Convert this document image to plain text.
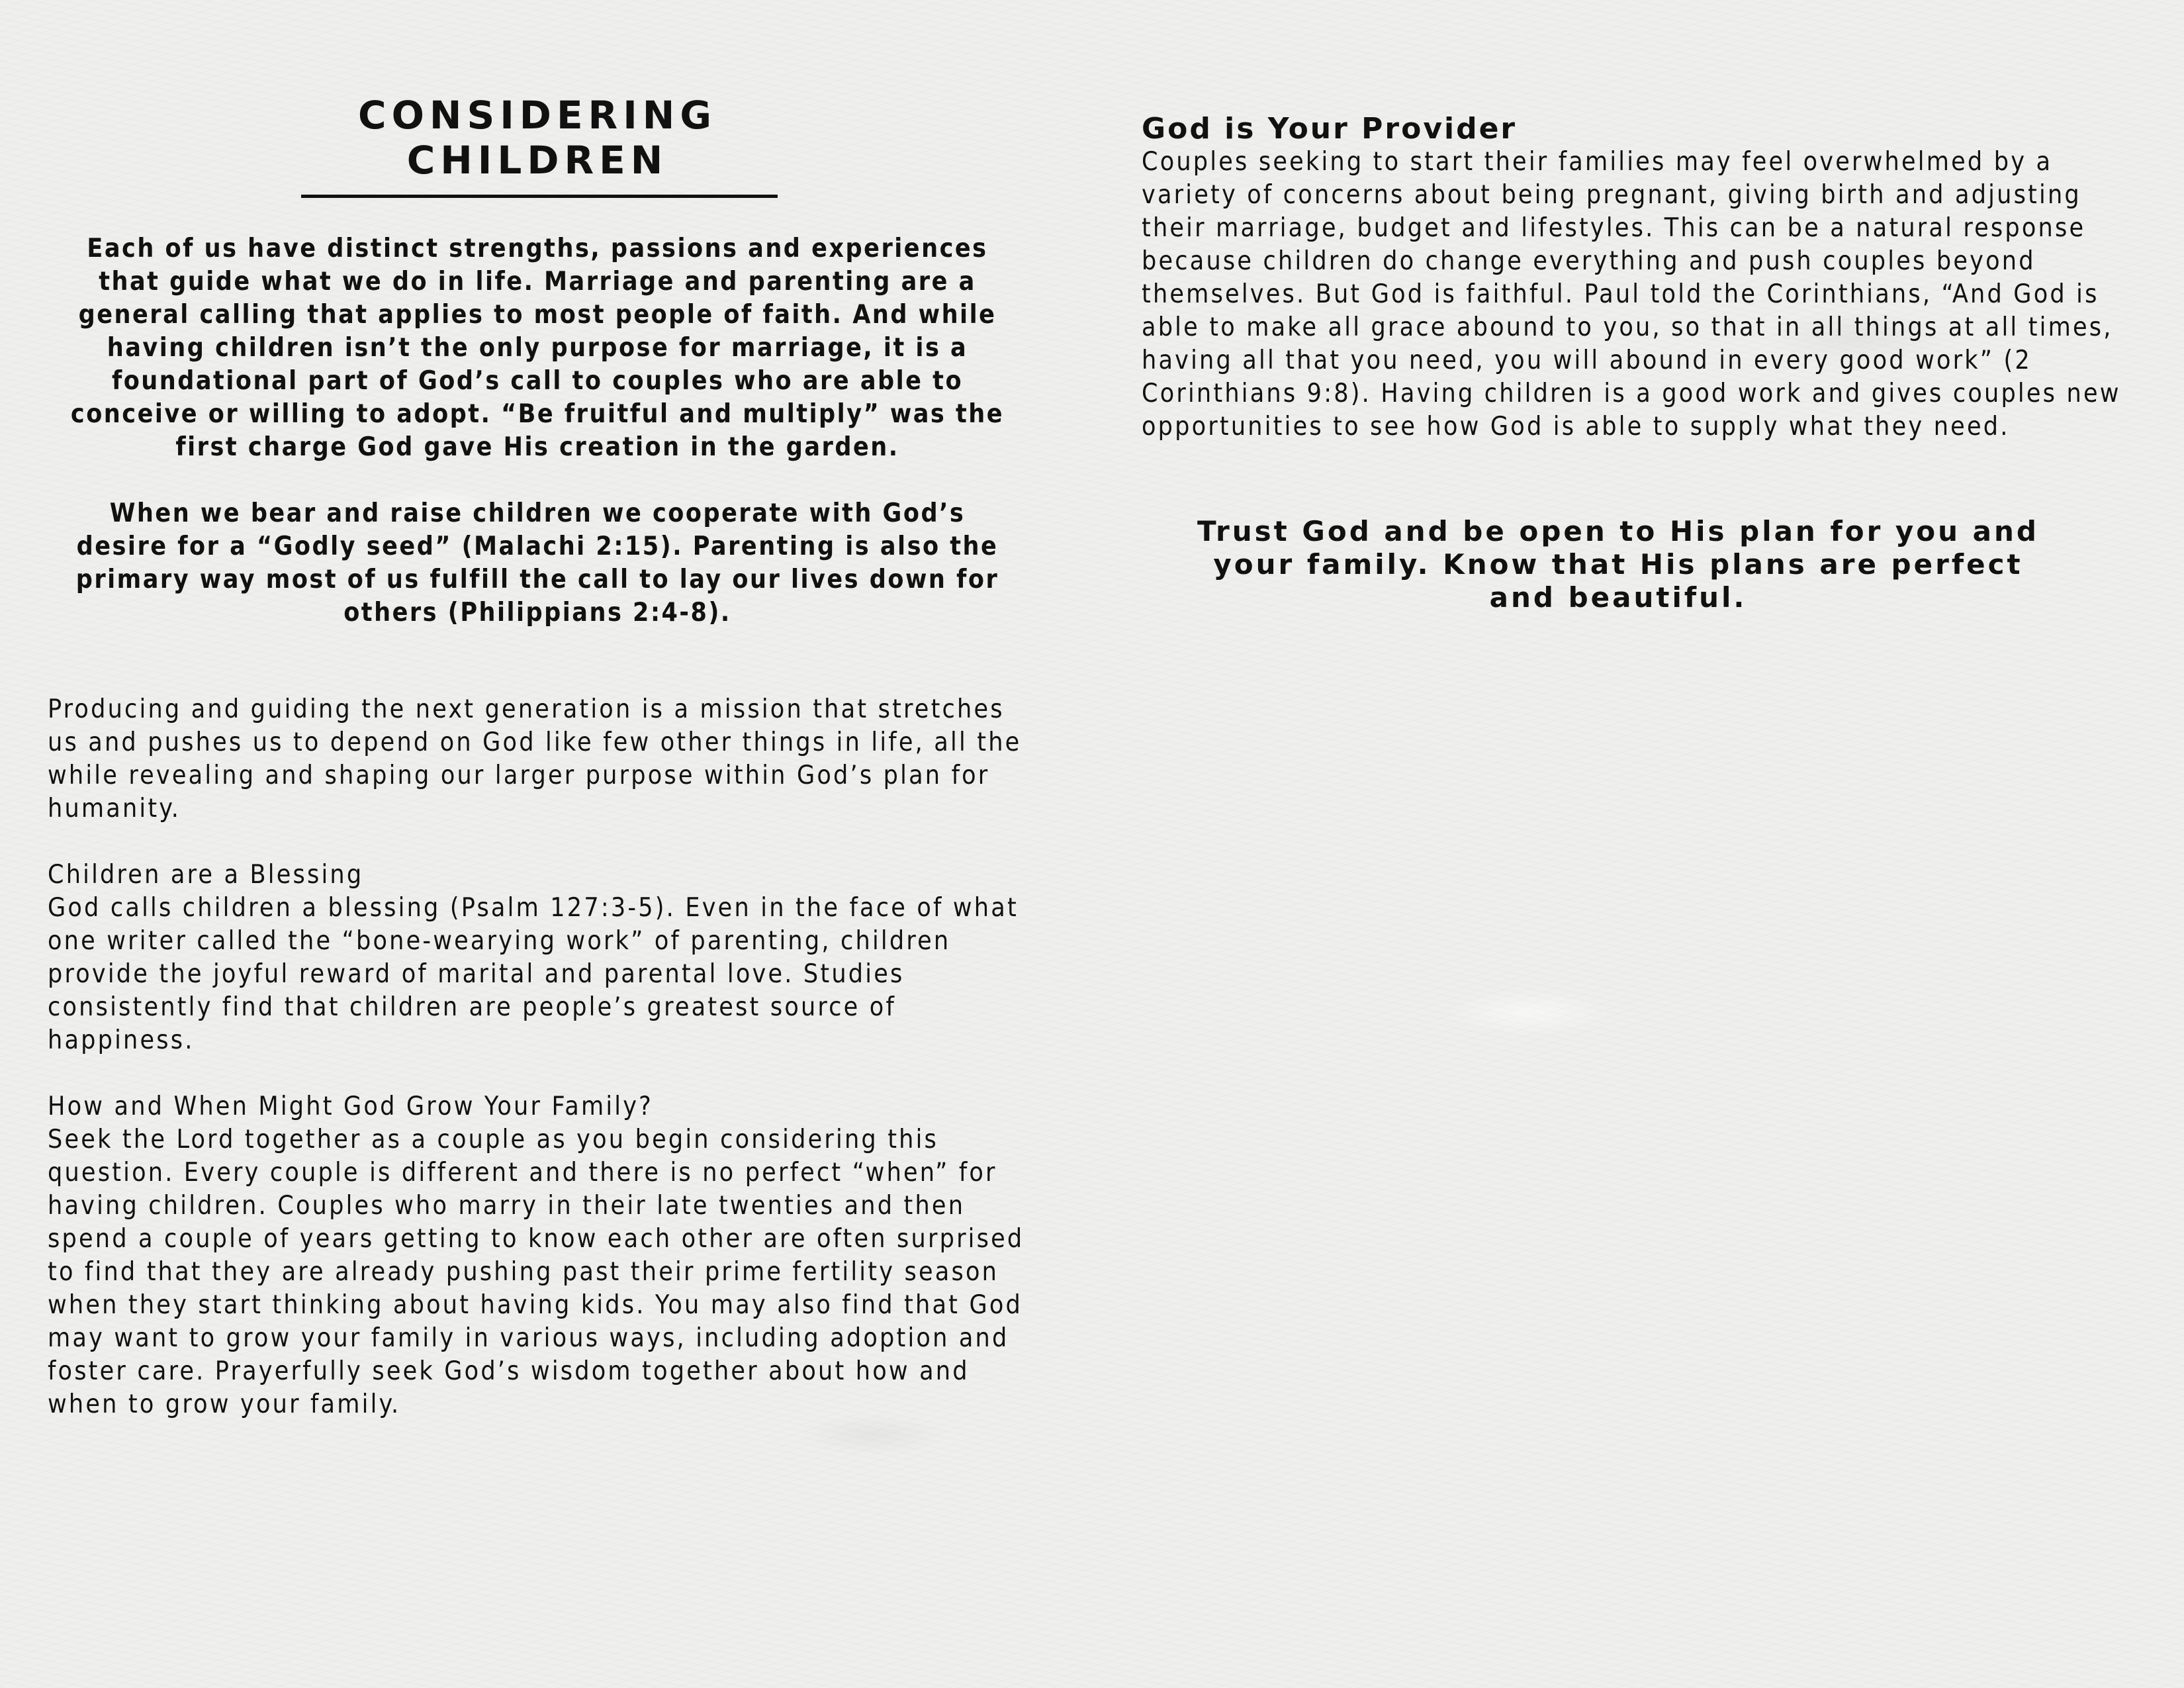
CONSIDERING
CHILDREN

Each of us have distinct strengths, passions and experiences that guide what we do in life. Marriage and parenting are a general calling that applies to most people of faith. And while having children isn’t the only purpose for marriage, it is a foundational part of God’s call to couples who are able to conceive or willing to adopt. “Be fruitful and multiply” was the first charge God gave His creation in the garden.

When we bear and raise children we cooperate with God’s desire for a “Godly seed” (Malachi 2:15). Parenting is also the primary way most of us fulfill the call to lay our lives down for others (Philippians 2:4-8).

Producing and guiding the next generation is a mission that stretches us and pushes us to depend on God like few other things in life, all the while revealing and shaping our larger purpose within God’s plan for humanity.

Children are a Blessing

God calls children a blessing (Psalm 127:3-5). Even in the face of what one writer called the “bone-wearying work” of parenting, children provide the joyful reward of marital and parental love. Studies consistently find that children are people’s greatest source of happiness.

How and When Might God Grow Your Family?

Seek the Lord together as a couple as you begin considering this question. Every couple is different and there is no perfect “when” for having children. Couples who marry in their late twenties and then spend a couple of years getting to know each other are often surprised to find that they are already pushing past their prime fertility season when they start thinking about having kids. You may also find that God may want to grow your family in various ways, including adoption and foster care. Prayerfully seek God’s wisdom together about how and when to grow your family.

God is Your Provider

Couples seeking to start their families may feel overwhelmed by a variety of concerns about being pregnant, giving birth and adjusting their marriage, budget and lifestyles. This can be a natural response because children do change everything and push couples beyond themselves. But God is faithful. Paul told the Corinthians, “And God is able to make all grace abound to you, so that in all things at all times, having all that you need, you will abound in every good work” (2 Corinthians 9:8). Having children is a good work and gives couples new opportunities to see how God is able to supply what they need.

Trust God and be open to His plan for you and your family. Know that His plans are perfect and beautiful.
